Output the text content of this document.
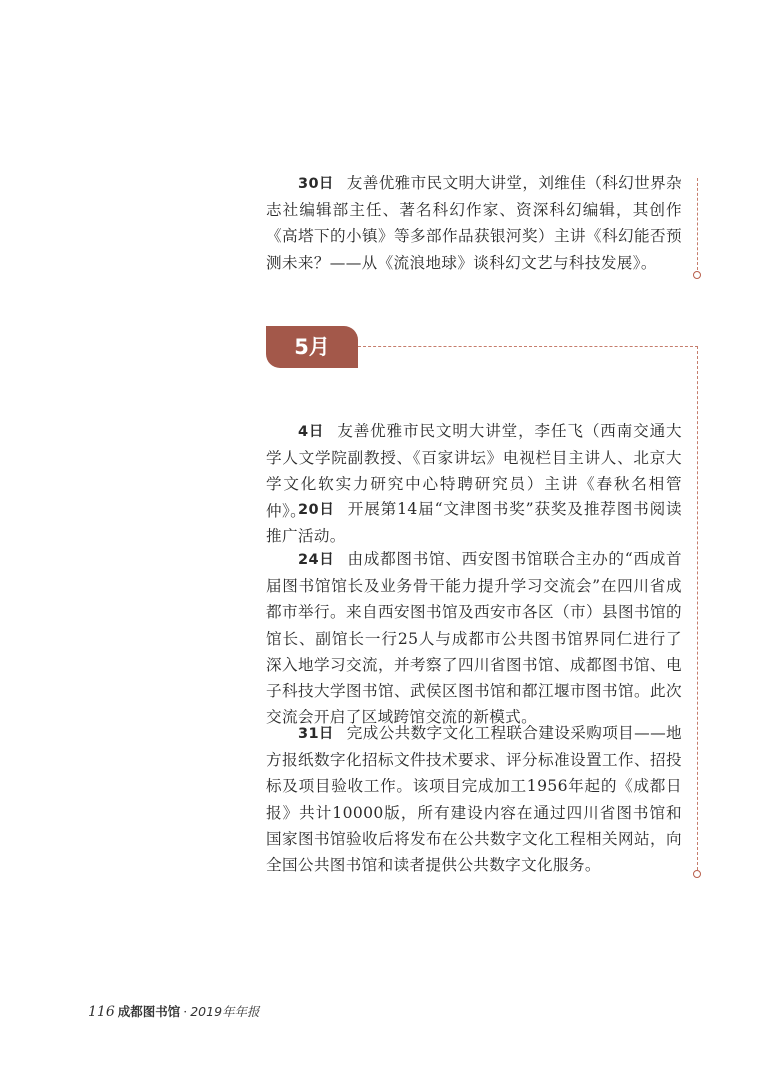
30日 友善优雅市民文明大讲堂，刘维佳（科幻世界杂志社编辑部主任、著名科幻作家、资深科幻编辑，其创作《高塔下的小镇》等多部作品获银河奖）主讲《科幻能否预测未来？——从《流浪地球》谈科幻文艺与科技发展》。

5月

4日 友善优雅市民文明大讲堂，李任飞（西南交通大学人文学院副教授、《百家讲坛》电视栏目主讲人、北京大学文化软实力研究中心特聘研究员）主讲《春秋名相管仲》。

20日 开展第14届“文津图书奖”获奖及推荐图书阅读推广活动。

24日 由成都图书馆、西安图书馆联合主办的“西成首届图书馆馆长及业务骨干能力提升学习交流会”在四川省成都市举行。来自西安图书馆及西安市各区（市）县图书馆的馆长、副馆长一行25人与成都市公共图书馆界同仁进行了深入地学习交流，并考察了四川省图书馆、成都图书馆、电子科技大学图书馆、武侯区图书馆和都江堰市图书馆。此次交流会开启了区域跨馆交流的新模式。

31日 完成公共数字文化工程联合建设采购项目——地方报纸数字化招标文件技术要求、评分标准设置工作、招投标及项目验收工作。该项目完成加工1956年起的《成都日报》共计10000版，所有建设内容在通过四川省图书馆和国家图书馆验收后将发布在公共数字文化工程相关网站，向全国公共图书馆和读者提供公共数字文化服务。

116 成都图书馆 · 2019年年报
